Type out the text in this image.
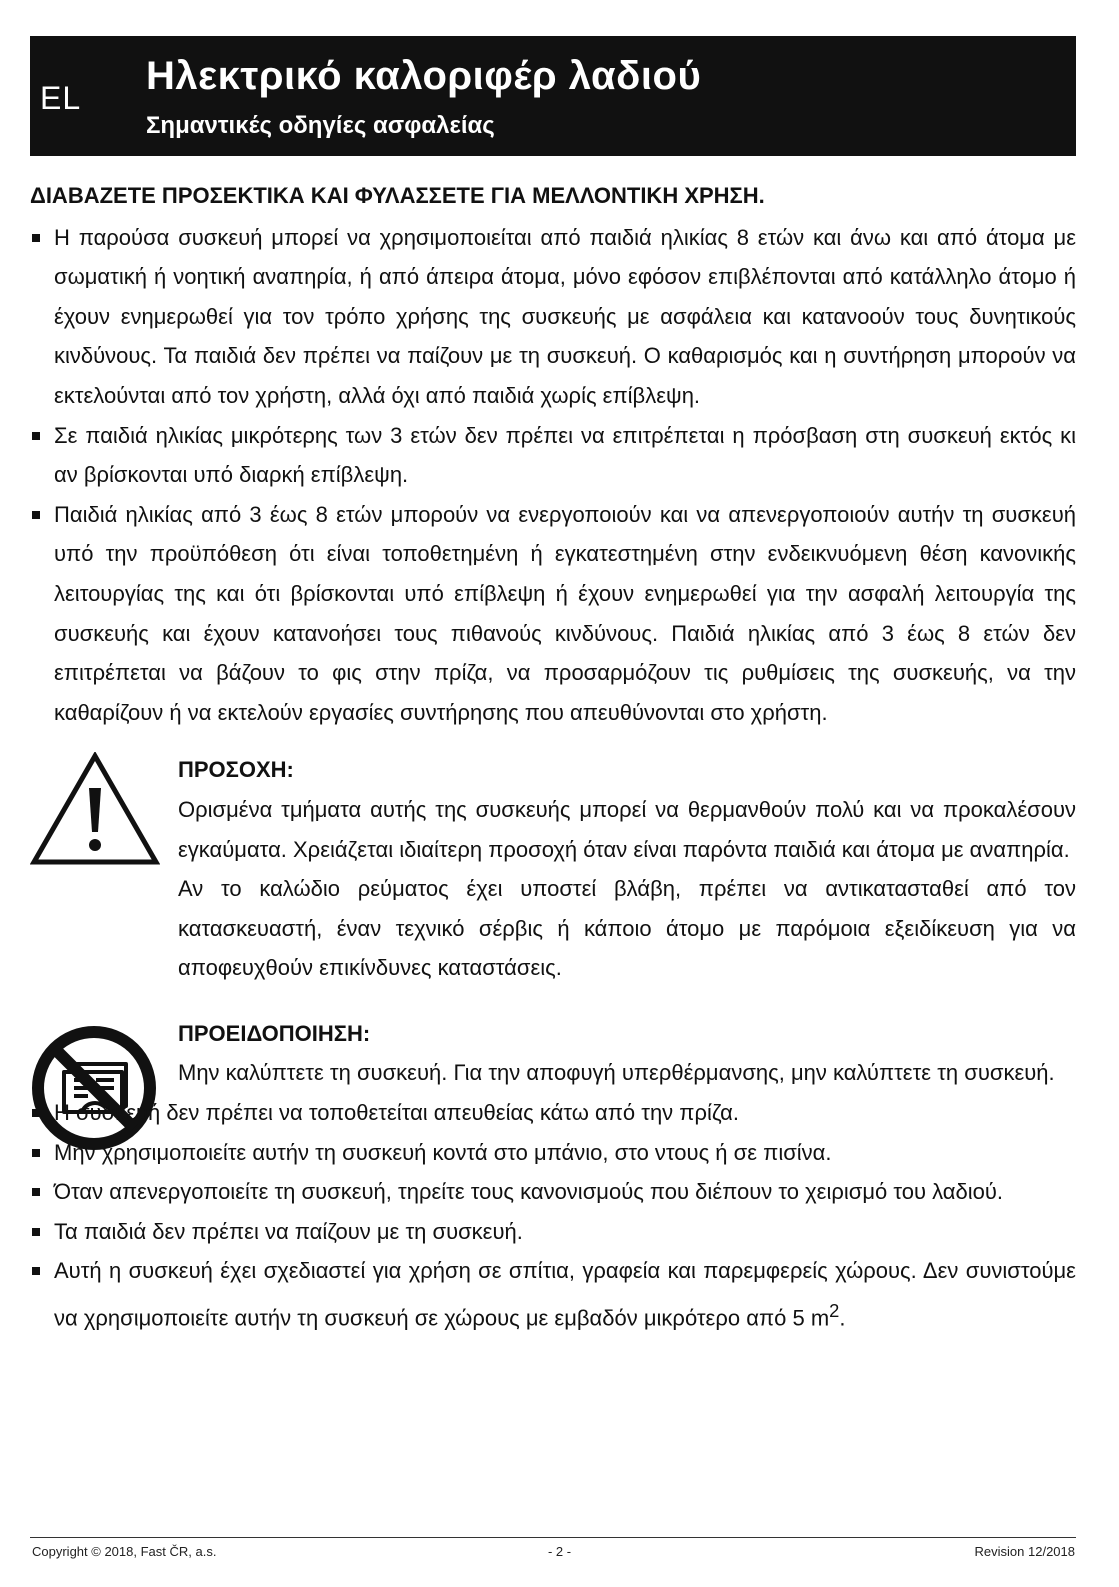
EL Ηλεκτρικό καλοριφέρ λαδιού
Σημαντικές οδηγίες ασφαλείας

ΔΙΑΒΑΖΕΤΕ ΠΡΟΣΕΚΤΙΚΑ ΚΑΙ ΦΥΛΑΣΣΕΤΕ ΓΙΑ ΜΕΛΛΟΝΤΙΚΗ ΧΡΗΣΗ.

Η παρούσα συσκευή μπορεί να χρησιμοποιείται από παιδιά ηλικίας 8 ετών και άνω και από άτομα με σωματική ή νοητική αναπηρία, ή από άπειρα άτομα, μόνο εφόσον επιβλέπονται από κατάλληλο άτομο ή έχουν ενημερωθεί για τον τρόπο χρήσης της συσκευής με ασφάλεια και κατανοούν τους δυνητικούς κινδύνους. Τα παιδιά δεν πρέπει να παίζουν με τη συσκευή. Ο καθαρισμός και η συντήρηση μπορούν να εκτελούνται από τον χρήστη, αλλά όχι από παιδιά χωρίς επίβλεψη.
Σε παιδιά ηλικίας μικρότερης των 3 ετών δεν πρέπει να επιτρέπεται η πρόσβαση στη συσκευή εκτός κι αν βρίσκονται υπό διαρκή επίβλεψη.
Παιδιά ηλικίας από 3 έως 8 ετών μπορούν να ενεργοποιούν και να απενεργοποιούν αυτήν τη συσκευή υπό την προϋπόθεση ότι είναι τοποθετημένη ή εγκατεστημένη στην ενδεικνυόμενη θέση κανονικής λειτουργίας της και ότι βρίσκονται υπό επίβλεψη ή έχουν ενημερωθεί για την ασφαλή λειτουργία της συσκευής και έχουν κατανοήσει τους πιθανούς κινδύνους. Παιδιά ηλικίας από 3 έως 8 ετών δεν επιτρέπεται να βάζουν το φις στην πρίζα, να προσαρμόζουν τις ρυθμίσεις της συσκευής, να την καθαρίζουν ή να εκτελούν εργασίες συντήρησης που απευθύνονται στο χρήστη.

ΠΡΟΣΟΧΗ:

Ορισμένα τμήματα αυτής της συσκευής μπορεί να θερμανθούν πολύ και να προκαλέσουν εγκαύματα. Χρειάζεται ιδιαίτερη προσοχή όταν είναι παρόντα παιδιά και άτομα με αναπηρία.

Αν το καλώδιο ρεύματος έχει υποστεί βλάβη, πρέπει να αντικατασταθεί από τον κατασκευαστή, έναν τεχνικό σέρβις ή κάποιο άτομο με παρόμοια εξειδίκευση για να αποφευχθούν επικίνδυνες καταστάσεις.

ΠΡΟΕΙΔΟΠΟΙΗΣΗ:

Μην καλύπτετε τη συσκευή. Για την αποφυγή υπερθέρμανσης, μην καλύπτετε τη συσκευή.

Η συσκευή δεν πρέπει να τοποθετείται απευθείας κάτω από την πρίζα.
Μην χρησιμοποιείτε αυτήν τη συσκευή κοντά στο μπάνιο, στο ντους ή σε πισίνα.
Όταν απενεργοποιείτε τη συσκευή, τηρείτε τους κανονισμούς που διέπουν το χειρισμό του λαδιού.
Τα παιδιά δεν πρέπει να παίζουν με τη συσκευή.
Αυτή η συσκευή έχει σχεδιαστεί για χρήση σε σπίτια, γραφεία και παρεμφερείς χώρους. Δεν συνιστούμε να χρησιμοποιείτε αυτήν τη συσκευή σε χώρους με εμβαδόν μικρότερο από 5 $m^2$.
Copyright © 2018, Fast ČR, a.s.	- 2 -	Revision 12/2018
